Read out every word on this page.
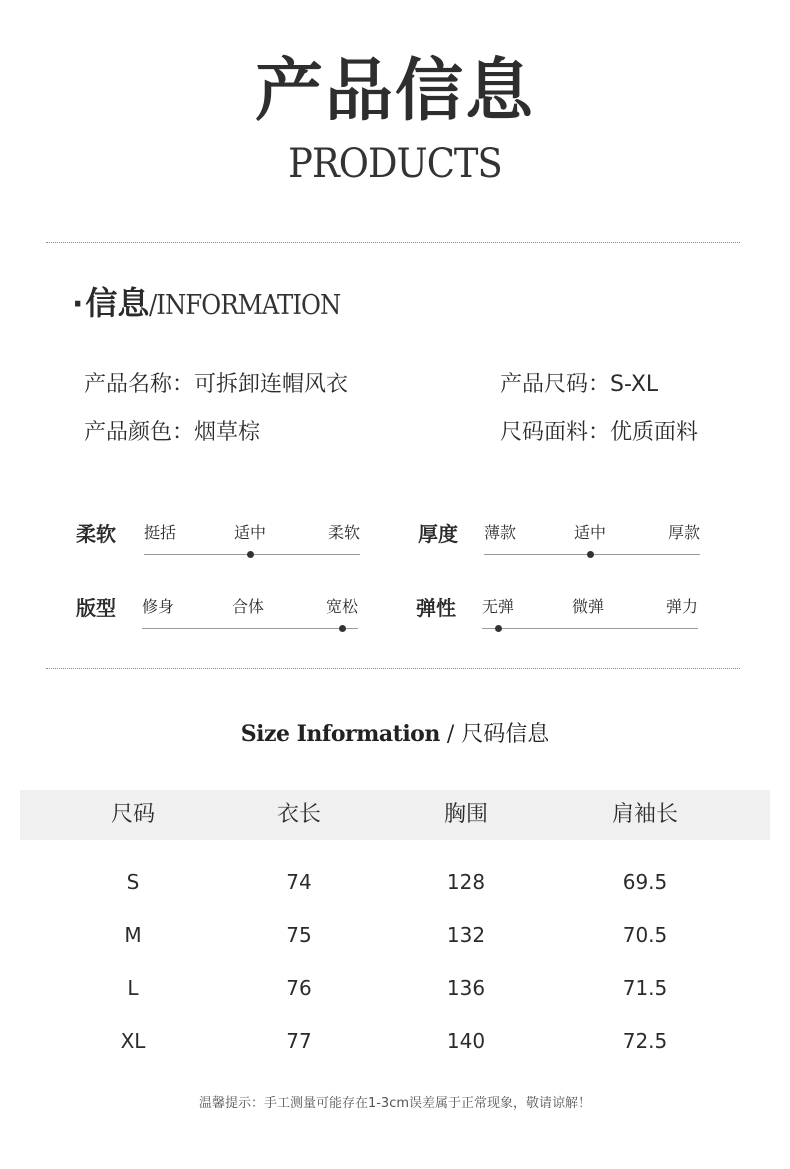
产品信息
PRODUCTS
· 信息 /INFORMATION
产品名称：可拆卸连帽风衣	产品尺码：S-XL
产品颜色：烟草棕	尺码面料：优质面料
柔软 挺括	适中	柔软	厚度 薄款	适中	厚款
版型 修身	合体	宽松	弹性 无弹	微弹	弹力
Size Information / 尺码信息
尺码	衣长	胸围	肩袖长
S	74	128	69.5
M	75	132	70.5
L	76	136	71.5
XL	77	140	72.5
温馨提示：手工测量可能存在1-3cm误差属于正常现象，敬请谅解！
